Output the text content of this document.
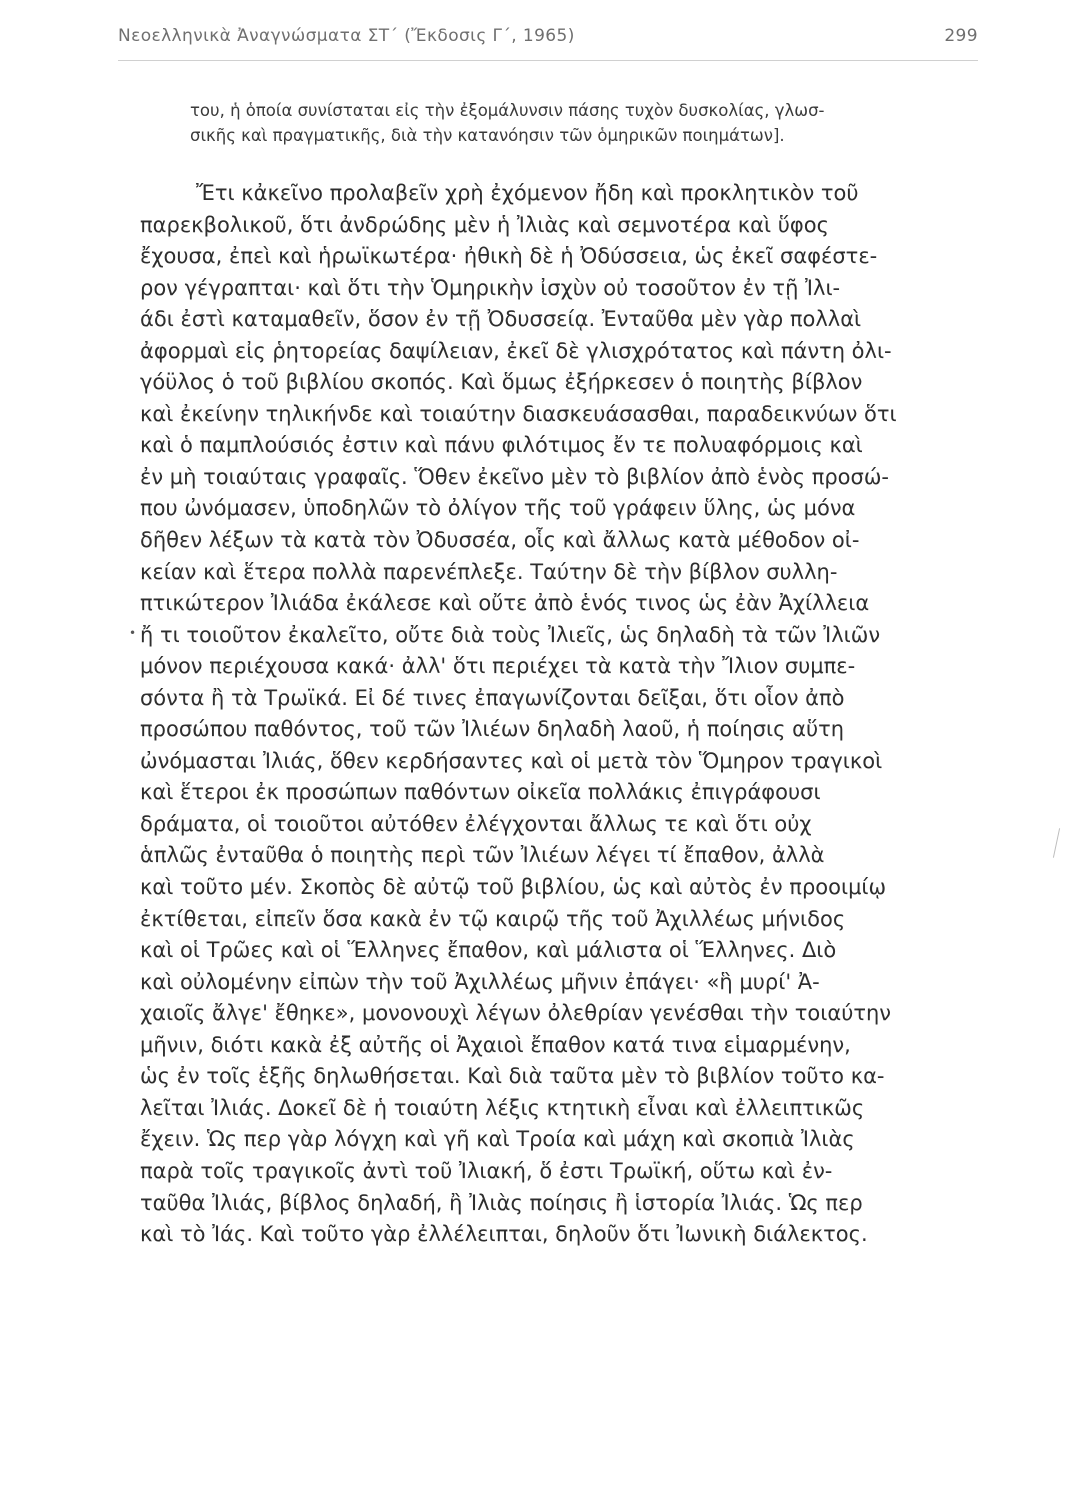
Νεοελληνικὰ Ἀναγνώσματα ΣΤ΄ (Ἔκδοσις Γ΄, 1965)	299
του, ἡ ὁποία συνίσταται εἰς τὴν ἐξομάλυνσιν πάσης τυχὸν δυσκολίας, γλωσ-
σικῆς καὶ πραγματικῆς, διὰ τὴν κατανόησιν τῶν ὁμηρικῶν ποιημάτων].
•
Ἔτι κἀκεῖνο προλαβεῖν χρὴ ἐχόμενον ἤδη καὶ προκλητικὸν τοῦ
παρεκβολικοῦ, ὅτι ἀνδρώδης μὲν ἡ Ἰλιὰς καὶ σεμνοτέρα καὶ ὕφος
ἔχουσα, ἐπεὶ καὶ ἡρωϊκωτέρα· ἠθικὴ δὲ ἡ Ὀδύσσεια, ὡς ἐκεῖ σαφέστε-
ρον γέγραπται· καὶ ὅτι τὴν Ὁμηρικὴν ἰσχὺν οὐ τοσοῦτον ἐν τῇ Ἰλι-
άδι ἐστὶ καταμαθεῖν, ὅσον ἐν τῇ Ὀδυσσείᾳ. Ἐνταῦθα μὲν γὰρ πολλαὶ
ἀφορμαὶ εἰς ῥητορείας δαψίλειαν, ἐκεῖ δὲ γλισχρότατος καὶ πάντη ὀλι-
γόϋλος ὁ τοῦ βιβλίου σκοπός. Καὶ ὅμως ἐξήρκεσεν ὁ ποιητὴς βίβλον
καὶ ἐκείνην τηλικήνδε καὶ τοιαύτην διασκευάσασθαι, παραδεικνύων ὅτι
καὶ ὁ παμπλούσιός ἐστιν καὶ πάνυ φιλότιμος ἔν τε πολυαφόρμοις καὶ
ἐν μὴ τοιαύταις γραφαῖς. Ὅθεν ἐκεῖνο μὲν τὸ βιβλίον ἀπὸ ἑνὸς προσώ-
που ὠνόμασεν, ὑποδηλῶν τὸ ὀλίγον τῆς τοῦ γράφειν ὕλης, ὡς μόνα
δῆθεν λέξων τὰ κατὰ τὸν Ὀδυσσέα, οἷς καὶ ἄλλως κατὰ μέθοδον οἰ-
κείαν καὶ ἕτερα πολλὰ παρενέπλεξε. Ταύτην δὲ τὴν βίβλον συλλη-
πτικώτερον Ἰλιάδα ἐκάλεσε καὶ οὔτε ἀπὸ ἑνός τινος ὡς ἐὰν Ἀχίλλεια
ἤ τι τοιοῦτον ἐκαλεῖτο, οὔτε διὰ τοὺς Ἰλιεῖς, ὡς δηλαδὴ τὰ τῶν Ἰλιῶν
μόνον περιέχουσα κακά· ἀλλ' ὅτι περιέχει τὰ κατὰ τὴν Ἴλιον συμπε-
σόντα ἢ τὰ Τρωϊκά. Εἰ δέ τινες ἐπαγωνίζονται δεῖξαι, ὅτι οἷον ἀπὸ
προσώπου παθόντος, τοῦ τῶν Ἰλιέων δηλαδὴ λαοῦ, ἡ ποίησις αὕτη
ὠνόμασται Ἰλιάς, ὅθεν κερδήσαντες καὶ οἱ μετὰ τὸν Ὅμηρον τραγικοὶ
καὶ ἕτεροι ἐκ προσώπων παθόντων οἰκεῖα πολλάκις ἐπιγράφουσι
δράματα, οἱ τοιοῦτοι αὐτόθεν ἐλέγχονται ἄλλως τε καὶ ὅτι οὐχ
ἁπλῶς ἐνταῦθα ὁ ποιητὴς περὶ τῶν Ἰλιέων λέγει τί ἔπαθον, ἀλλὰ
καὶ τοῦτο μέν. Σκοπὸς δὲ αὐτῷ τοῦ βιβλίου, ὡς καὶ αὐτὸς ἐν προοιμίῳ
ἐκτίθεται, εἰπεῖν ὅσα κακὰ ἐν τῷ καιρῷ τῆς τοῦ Ἀχιλλέως μήνιδος
καὶ οἱ Τρῶες καὶ οἱ Ἕλληνες ἔπαθον, καὶ μάλιστα οἱ Ἕλληνες. Διὸ
καὶ οὐλομένην εἰπὼν τὴν τοῦ Ἀχιλλέως μῆνιν ἐπάγει· «ἣ μυρί' Ἀ-
χαιοῖς ἄλγε' ἔθηκε», μονονουχὶ λέγων ὀλεθρίαν γενέσθαι τὴν τοιαύτην
μῆνιν, διότι κακὰ ἐξ αὐτῆς οἱ Ἀχαιοὶ ἔπαθον κατά τινα εἱμαρμένην,
ὡς ἐν τοῖς ἑξῆς δηλωθήσεται. Καὶ διὰ ταῦτα μὲν τὸ βιβλίον τοῦτο κα-
λεῖται Ἰλιάς. Δοκεῖ δὲ ἡ τοιαύτη λέξις κτητικὴ εἶναι καὶ ἐλλειπτικῶς
ἔχειν. Ὡς περ γὰρ λόγχη καὶ γῆ καὶ Τροία καὶ μάχη καὶ σκοπιὰ Ἰλιὰς
παρὰ τοῖς τραγικοῖς ἀντὶ τοῦ Ἰλιακή, ὅ ἐστι Τρωϊκή, οὕτω καὶ ἐν-
ταῦθα Ἰλιάς, βίβλος δηλαδή, ἢ Ἰλιὰς ποίησις ἢ ἱστορία Ἰλιάς. Ὡς περ
καὶ τὸ Ἰάς. Καὶ τοῦτο γὰρ ἐλλέλειπται, δηλοῦν ὅτι Ἰωνικὴ διάλεκτος.
